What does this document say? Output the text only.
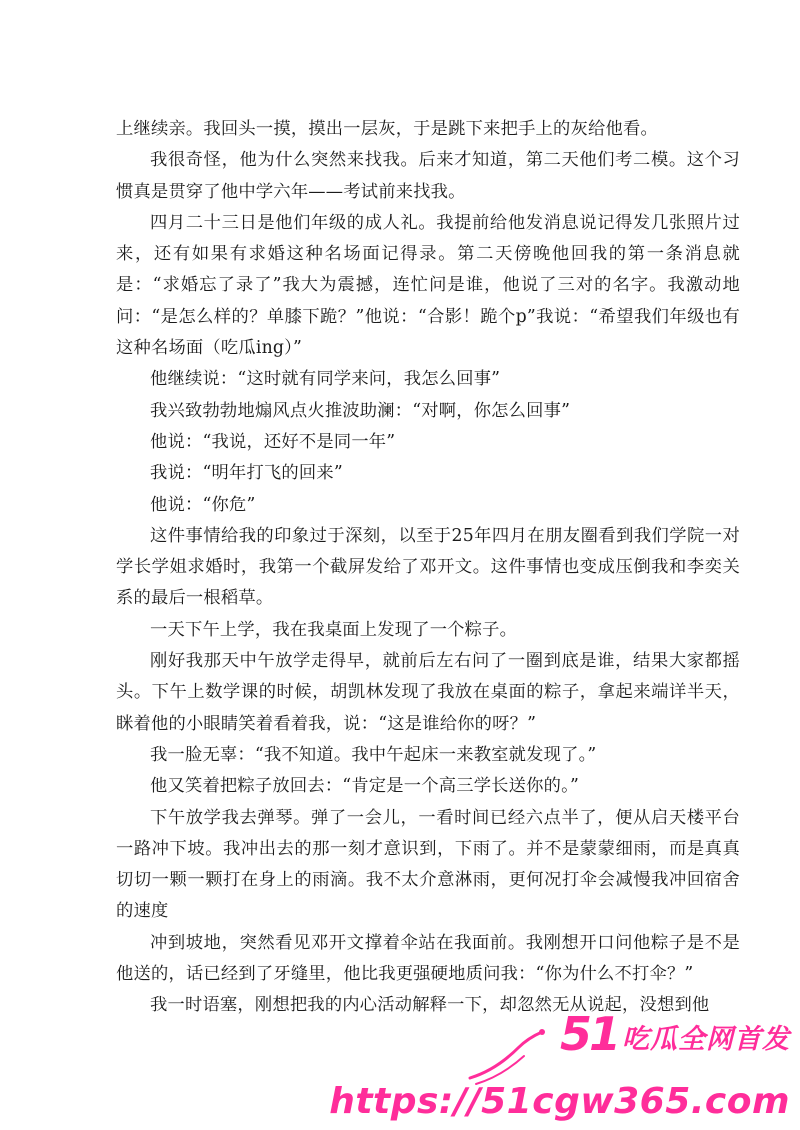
上继续亲。我回头一摸，摸出一层灰，于是跳下来把手上的灰给他看。

我很奇怪，他为什么突然来找我。后来才知道，第二天他们考二模。这个习惯真是贯穿了他中学六年——考试前来找我。

四月二十三日是他们年级的成人礼。我提前给他发消息说记得发几张照片过来，还有如果有求婚这种名场面记得录。第二天傍晚他回我的第一条消息就是：“求婚忘了录了”我大为震撼，连忙问是谁，他说了三对的名字。我激动地问：“是怎么样的？单膝下跪？”他说：“合影！跪个p”我说：“希望我们年级也有这种名场面（吃瓜ing）”

他继续说：“这时就有同学来问，我怎么回事”

我兴致勃勃地煽风点火推波助澜：“对啊，你怎么回事”

他说：“我说，还好不是同一年”

我说：“明年打飞的回来”

他说：“你危”

这件事情给我的印象过于深刻，以至于25年四月在朋友圈看到我们学院一对学长学姐求婚时，我第一个截屏发给了邓开文。这件事情也变成压倒我和李奕关系的最后一根稻草。

一天下午上学，我在我桌面上发现了一个粽子。

刚好我那天中午放学走得早，就前后左右问了一圈到底是谁，结果大家都摇头。下午上数学课的时候，胡凯林发现了我放在桌面的粽子，拿起来端详半天，眯着他的小眼睛笑着看着我，说：“这是谁给你的呀？”

我一脸无辜：“我不知道。我中午起床一来教室就发现了。”

他又笑着把粽子放回去：“肯定是一个高三学长送你的。”

下午放学我去弹琴。弹了一会儿，一看时间已经六点半了，便从启天楼平台一路冲下坡。我冲出去的那一刻才意识到，下雨了。并不是蒙蒙细雨，而是真真切切一颗一颗打在身上的雨滴。我不太介意淋雨，更何况打伞会减慢我冲回宿舍的速度

冲到坡地，突然看见邓开文撑着伞站在我面前。我刚想开口问他粽子是不是他送的，话已经到了牙缝里，他比我更强硬地质问我：“你为什么不打伞？”

我一时语塞，刚想把我的内心活动解释一下，却忽然无从说起，没想到他

51 吃瓜全网首发
https://51cgw365.com
